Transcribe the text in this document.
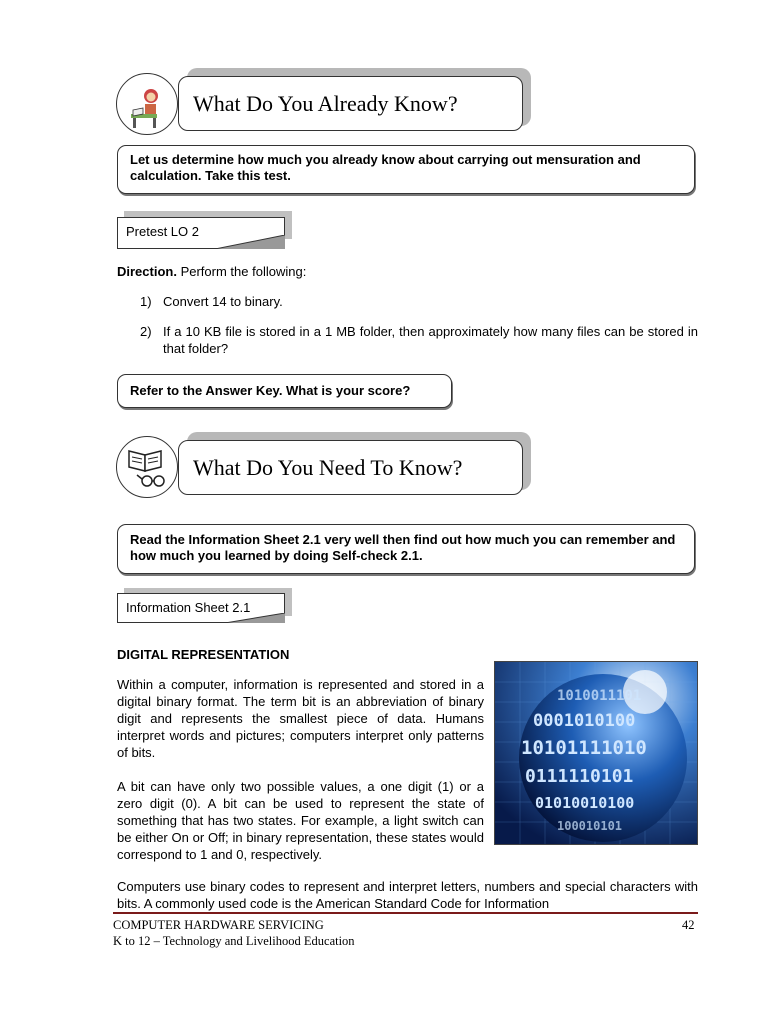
What Do You Already Know?
Let us determine how much you already know about carrying out mensuration and calculation. Take this test.
Pretest LO 2
Direction. Perform the following:
1) Convert 14 to binary.
2) If a 10 KB file is stored in a 1 MB folder, then approximately how many files can be stored in that folder?
Refer to the Answer Key. What is your score?
What Do You Need To Know?
Read the Information Sheet 2.1 very well then find out how much you can remember and how much you learned by doing Self-check 2.1.
Information Sheet 2.1
DIGITAL REPRESENTATION
Within a computer, information is represented and stored in a digital binary format. The term bit is an abbreviation of binary digit and represents the smallest piece of data. Humans interpret words and pictures; computers interpret only patterns of bits.
A bit can have only two possible values, a one digit (1) or a zero digit (0). A bit can be used to represent the state of something that has two states. For example, a light switch can be either On or Off; in binary representation, these states would correspond to 1 and 0, respectively.
Computers use binary codes to represent and interpret letters, numbers and special characters with bits. A commonly used code is the American Standard Code for Information
1010011101
0001010100
10101111010
0111110101
01010010100
100010101
COMPUTER HARDWARE SERVICING	42
K to 12 – Technology and Livelihood Education
